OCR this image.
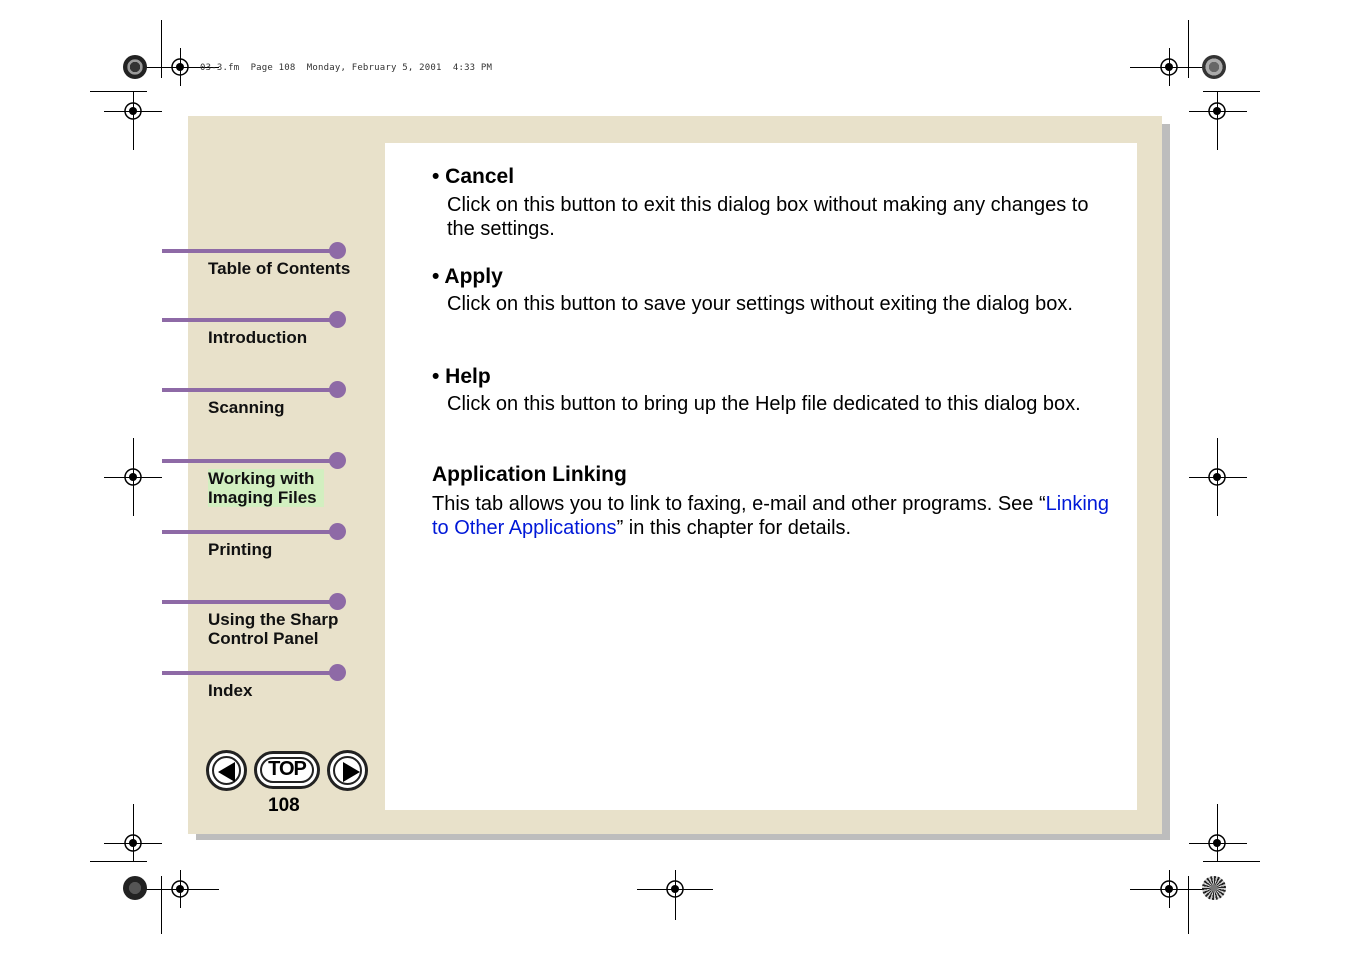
03-3.fm  Page 108  Monday, February 5, 2001  4:33 PM
Table of Contents
Introduction
Scanning
Working with Imaging Files
Printing
Using the Sharp Control Panel
Index
TOP
108
• Cancel
Click on this button to exit this dialog box without making any changes to the settings.
• Apply
Click on this button to save your settings without exiting the dialog box.
• Help
Click on this button to bring up the Help file dedicated to this dialog box.
Application Linking
This tab allows you to link to faxing, e-mail and other programs. See “Linking to Other Applications” in this chapter for details.
